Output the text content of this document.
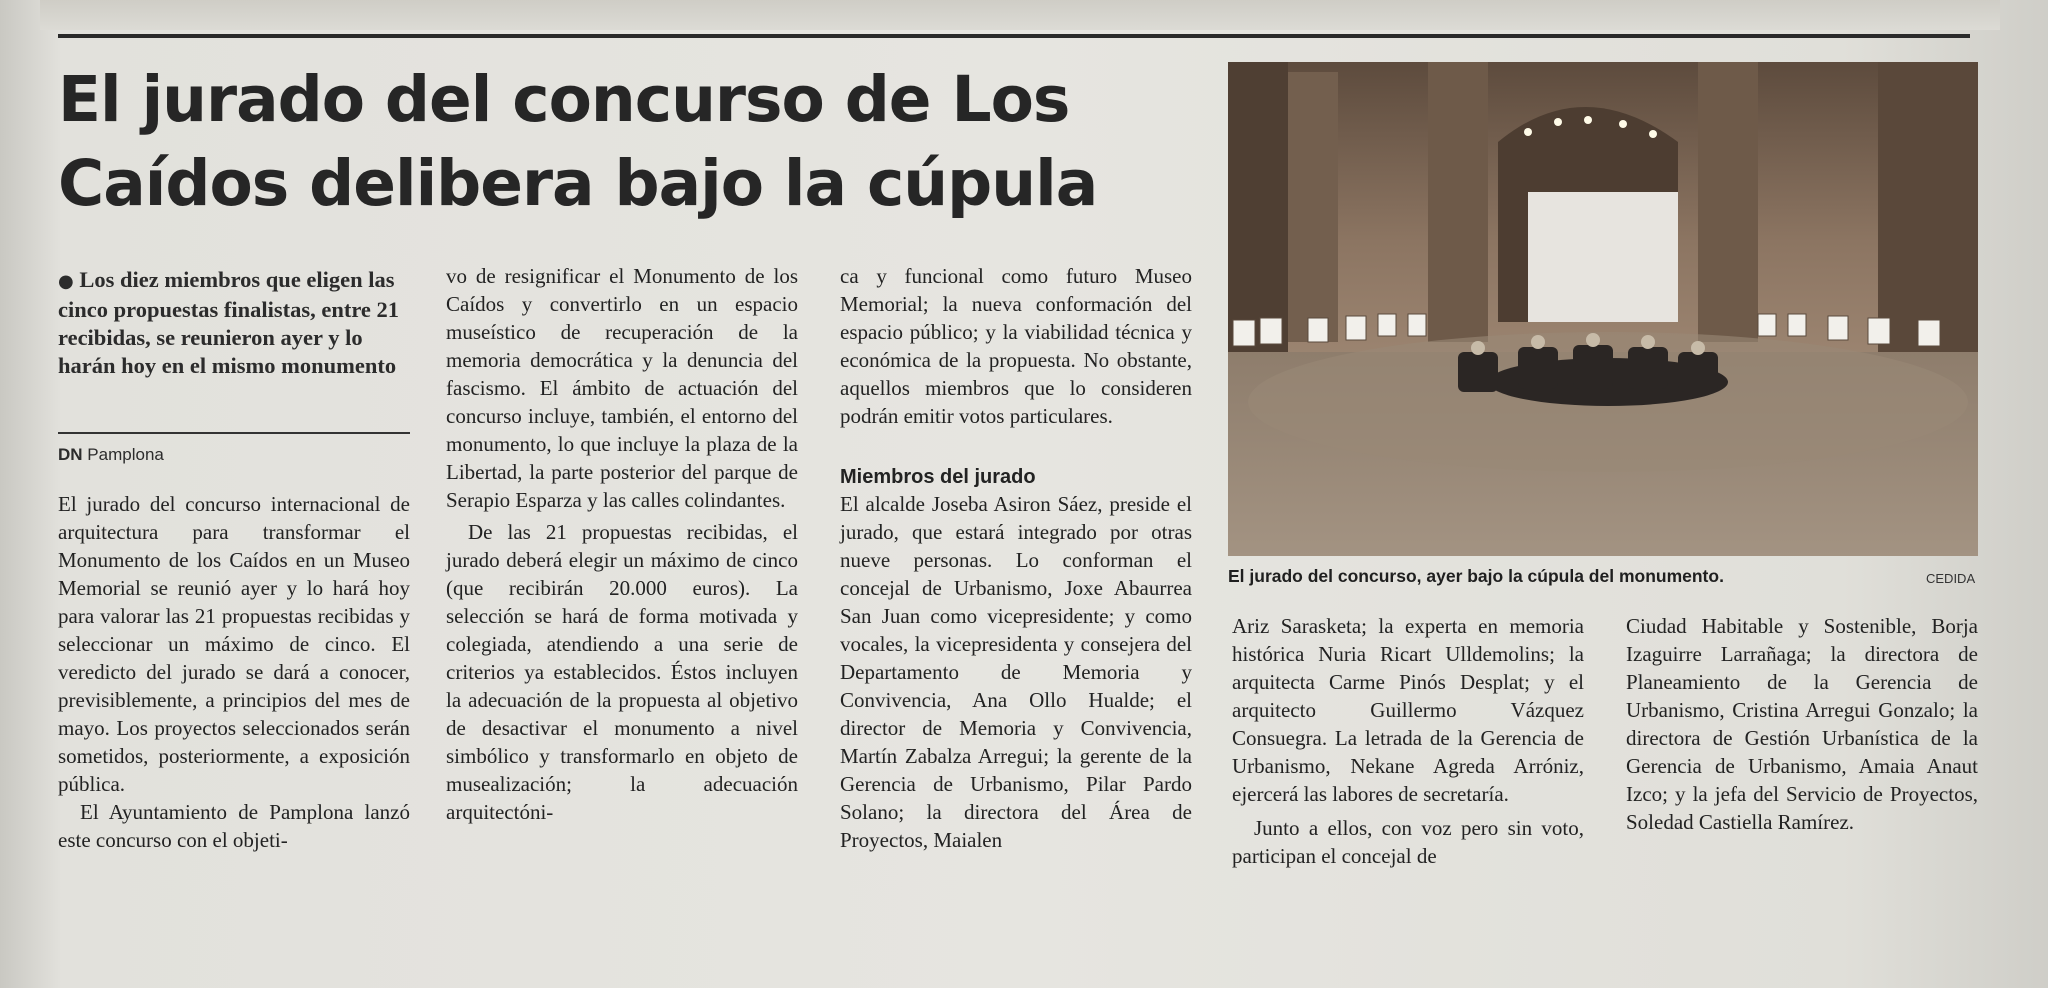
El jurado del concurso de Los Caídos delibera bajo la cúpula

● Los diez miembros que eligen las cinco propuestas finalistas, entre 21 recibidas, se reunieron ayer y lo harán hoy en el mismo monumento

DN Pamplona

El jurado del concurso internacional de arquitectura para transformar el Monumento de los Caídos en un Museo Memorial se reunió ayer y lo hará hoy para valorar las 21 propuestas recibidas y seleccionar un máximo de cinco. El veredicto del jurado se dará a conocer, previsiblemente, a principios del mes de mayo. Los proyectos seleccionados serán sometidos, posteriormente, a exposición pública.

El Ayuntamiento de Pamplona lanzó este concurso con el objeti-

vo de resignificar el Monumento de los Caídos y convertirlo en un espacio museístico de recuperación de la memoria democrática y la denuncia del fascismo. El ámbito de actuación del concurso incluye, también, el entorno del monumento, lo que incluye la plaza de la Libertad, la parte posterior del parque de Serapio Esparza y las calles colindantes.

De las 21 propuestas recibidas, el jurado deberá elegir un máximo de cinco (que recibirán 20.000 euros). La selección se hará de forma motivada y colegiada, atendiendo a una serie de criterios ya establecidos. Éstos incluyen la adecuación de la propuesta al objetivo de desactivar el monumento a nivel simbólico y transformarlo en objeto de musealización; la adecuación arquitectóni-

ca y funcional como futuro Museo Memorial; la nueva conformación del espacio público; y la viabilidad técnica y económica de la propuesta. No obstante, aquellos miembros que lo consideren podrán emitir votos particulares.

Miembros del jurado

El alcalde Joseba Asiron Sáez, preside el jurado, que estará integrado por otras nueve personas. Lo conforman el concejal de Urbanismo, Joxe Abaurrea San Juan como vicepresidente; y como vocales, la vicepresidenta y consejera del Departamento de Memoria y Convivencia, Ana Ollo Hualde; el director de Memoria y Convivencia, Martín Zabalza Arregui; la gerente de la Gerencia de Urbanismo, Pilar Pardo Solano; la directora del Área de Proyectos, Maialen

El jurado del concurso, ayer bajo la cúpula del monumento.	CEDIDA

Ariz Sarasketa; la experta en memoria histórica Nuria Ricart Ulldemolins; la arquitecta Carme Pinós Desplat; y el arquitecto Guillermo Vázquez Consuegra. La letrada de la Gerencia de Urbanismo, Nekane Agreda Arróniz, ejercerá las labores de secretaría.

Junto a ellos, con voz pero sin voto, participan el concejal de

Ciudad Habitable y Sostenible, Borja Izaguirre Larrañaga; la directora de Planeamiento de la Gerencia de Urbanismo, Cristina Arregui Gonzalo; la directora de Gestión Urbanística de la Gerencia de Urbanismo, Amaia Anaut Izco; y la jefa del Servicio de Proyectos, Soledad Castiella Ramírez.
